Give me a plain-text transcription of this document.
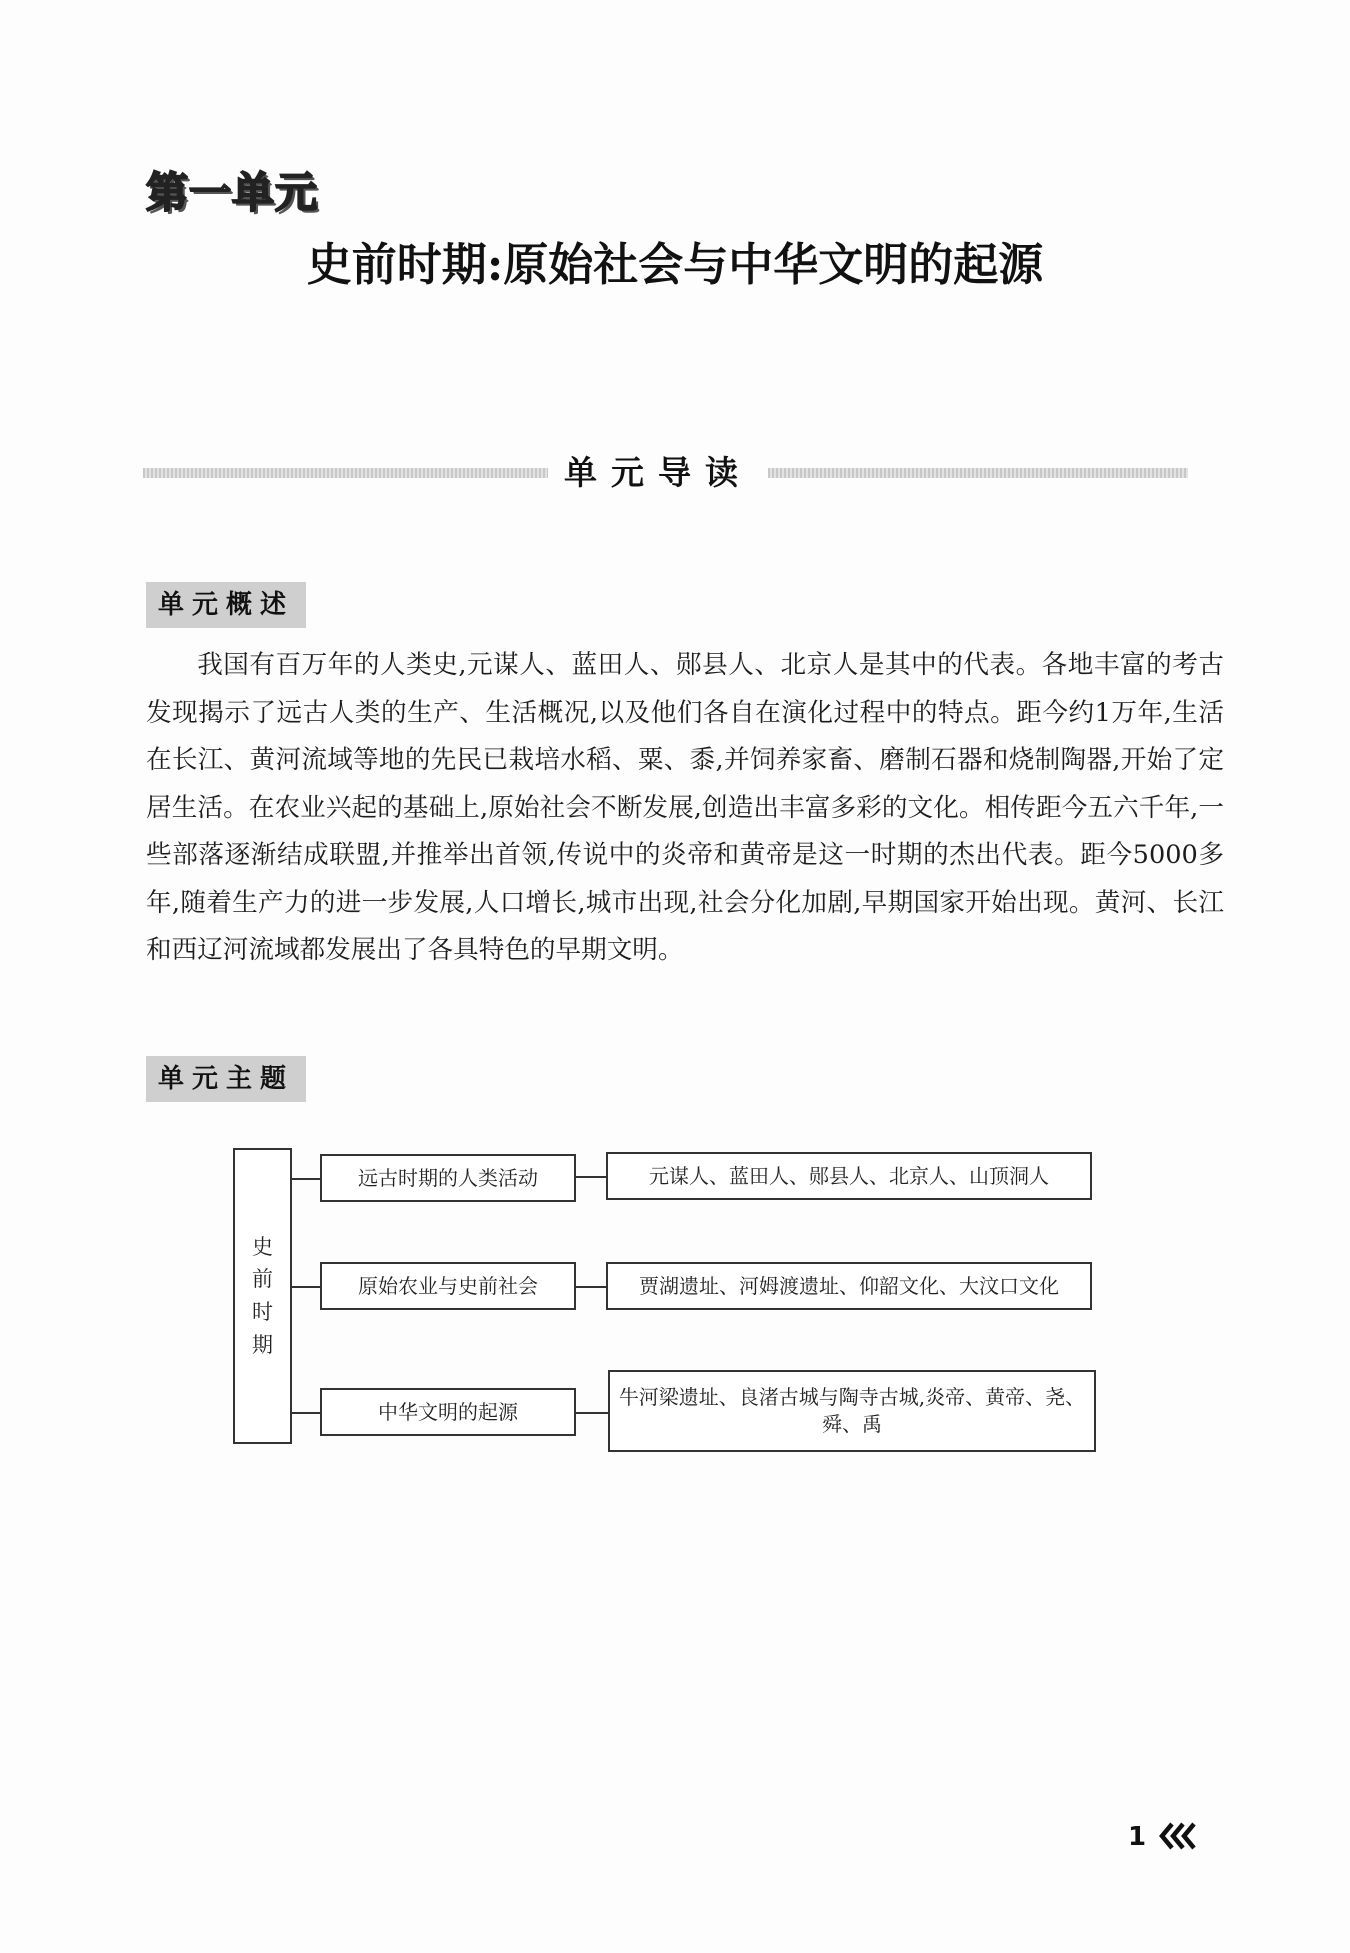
第一单元
史前时期:原始社会与中华文明的起源
单元导读
单元概述
我国有百万年的人类史,元谋人、蓝田人、郧县人、北京人是其中的代表。各地丰富的考古发现揭示了远古人类的生产、生活概况,以及他们各自在演化过程中的特点。距今约1万年,生活在长江、黄河流域等地的先民已栽培水稻、粟、黍,并饲养家畜、磨制石器和烧制陶器,开始了定居生活。在农业兴起的基础上,原始社会不断发展,创造出丰富多彩的文化。相传距今五六千年,一些部落逐渐结成联盟,并推举出首领,传说中的炎帝和黄帝是这一时期的杰出代表。距今5000多年,随着生产力的进一步发展,人口增长,城市出现,社会分化加剧,早期国家开始出现。黄河、长江和西辽河流域都发展出了各具特色的早期文明。
单元主题
史
前
时
期
远古时期的人类活动
原始农业与史前社会
中华文明的起源
元谋人、蓝田人、郧县人、北京人、山顶洞人
贾湖遗址、河姆渡遗址、仰韶文化、大汶口文化
牛河梁遗址、良渚古城与陶寺古城,炎帝、黄帝、尧、舜、禹
1
